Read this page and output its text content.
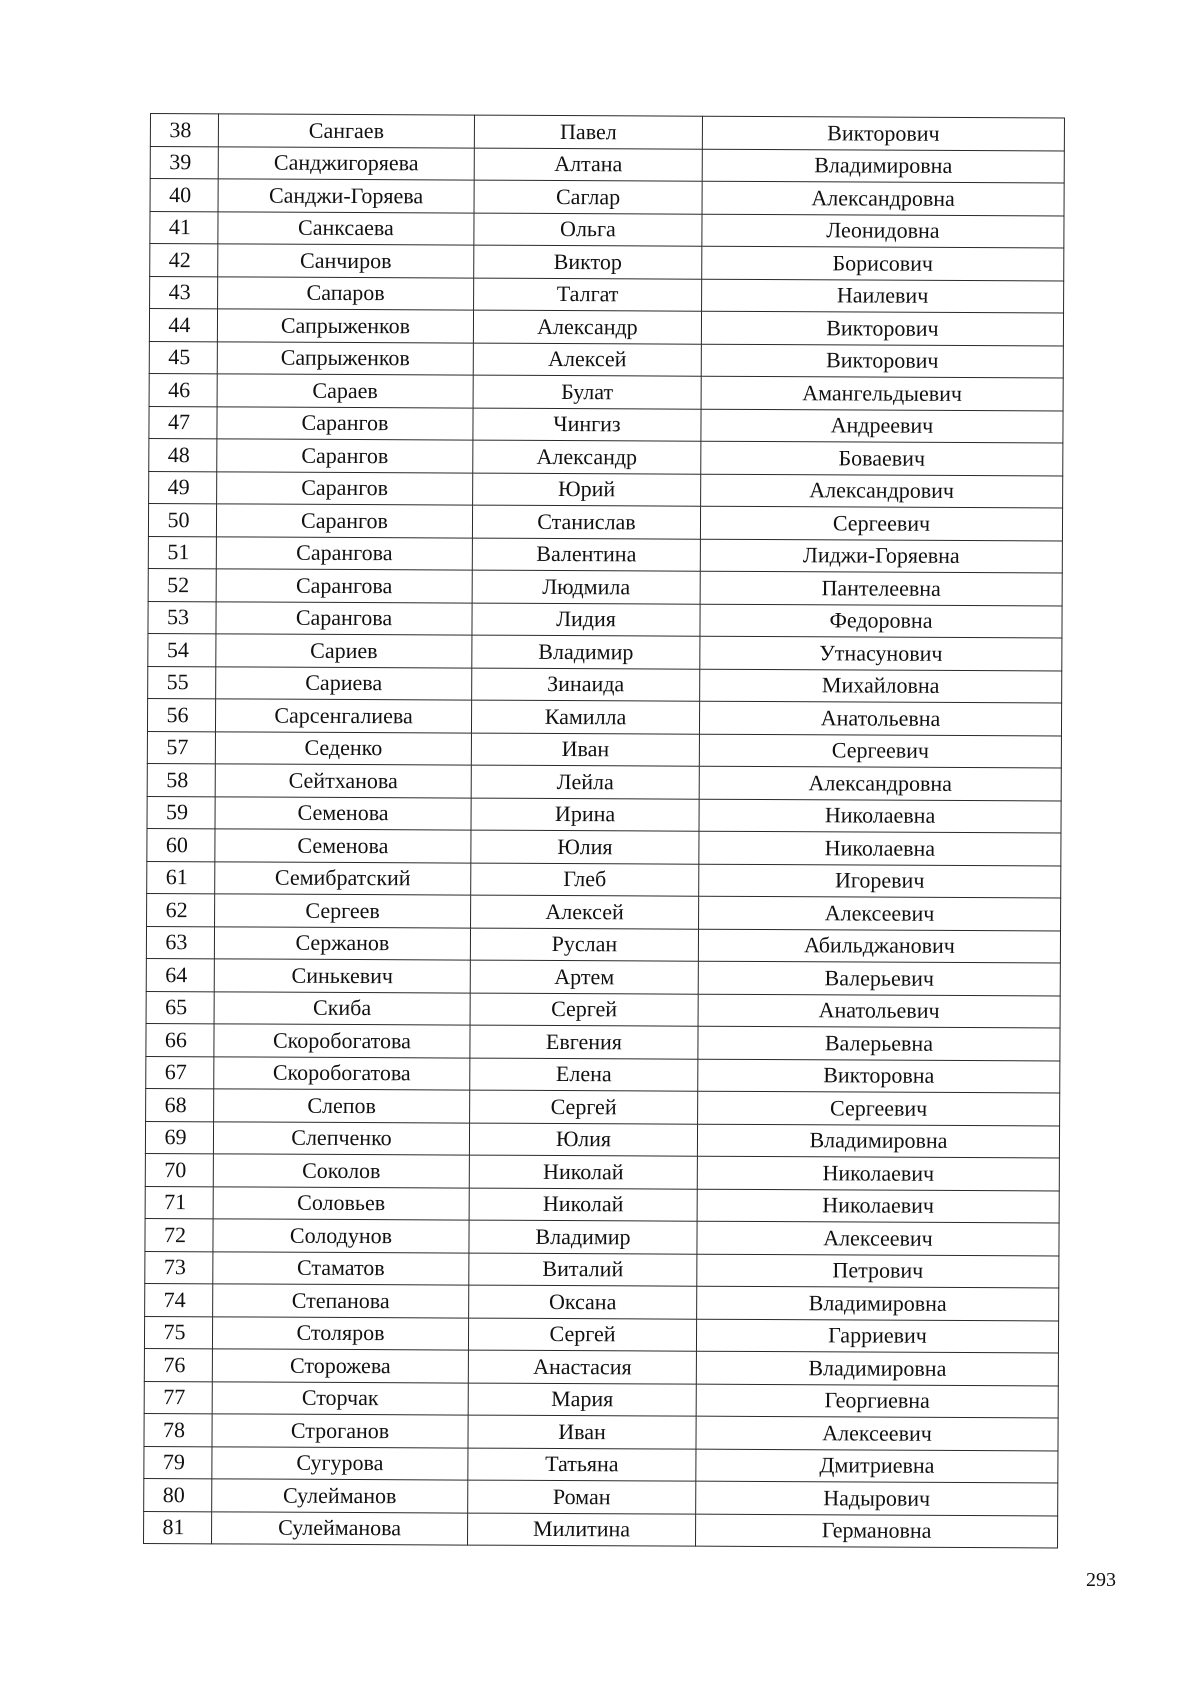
38	Сангаев	Павел	Викторович
39	Санджигоряева	Алтана	Владимировна
40	Санджи-Горяева	Саглар	Александровна
41	Санксаева	Ольга	Леонидовна
42	Санчиров	Виктор	Борисович
43	Сапаров	Талгат	Наилевич
44	Сапрыженков	Александр	Викторович
45	Сапрыженков	Алексей	Викторович
46	Сараев	Булат	Амангельдыевич
47	Сарангов	Чингиз	Андреевич
48	Сарангов	Александр	Боваевич
49	Сарангов	Юрий	Александрович
50	Сарангов	Станислав	Сергеевич
51	Сарангова	Валентина	Лиджи-Горяевна
52	Сарангова	Людмила	Пантелеевна
53	Сарангова	Лидия	Федоровна
54	Сариев	Владимир	Утнасунович
55	Сариева	Зинаида	Михайловна
56	Сарсенгалиева	Камилла	Анатольевна
57	Седенко	Иван	Сергеевич
58	Сейтханова	Лейла	Александровна
59	Семенова	Ирина	Николаевна
60	Семенова	Юлия	Николаевна
61	Семибратский	Глеб	Игоревич
62	Сергеев	Алексей	Алексеевич
63	Сержанов	Руслан	Абильджанович
64	Синькевич	Артем	Валерьевич
65	Скиба	Сергей	Анатольевич
66	Скоробогатова	Евгения	Валерьевна
67	Скоробогатова	Елена	Викторовна
68	Слепов	Сергей	Сергеевич
69	Слепченко	Юлия	Владимировна
70	Соколов	Николай	Николаевич
71	Соловьев	Николай	Николаевич
72	Солодунов	Владимир	Алексеевич
73	Стаматов	Виталий	Петрович
74	Степанова	Оксана	Владимировна
75	Столяров	Сергей	Гарриевич
76	Сторожева	Анастасия	Владимировна
77	Сторчак	Мария	Георгиевна
78	Строганов	Иван	Алексеевич
79	Сугурова	Татьяна	Дмитриевна
80	Сулейманов	Роман	Надырович
81	Сулейманова	Милитина	Германовна
293
